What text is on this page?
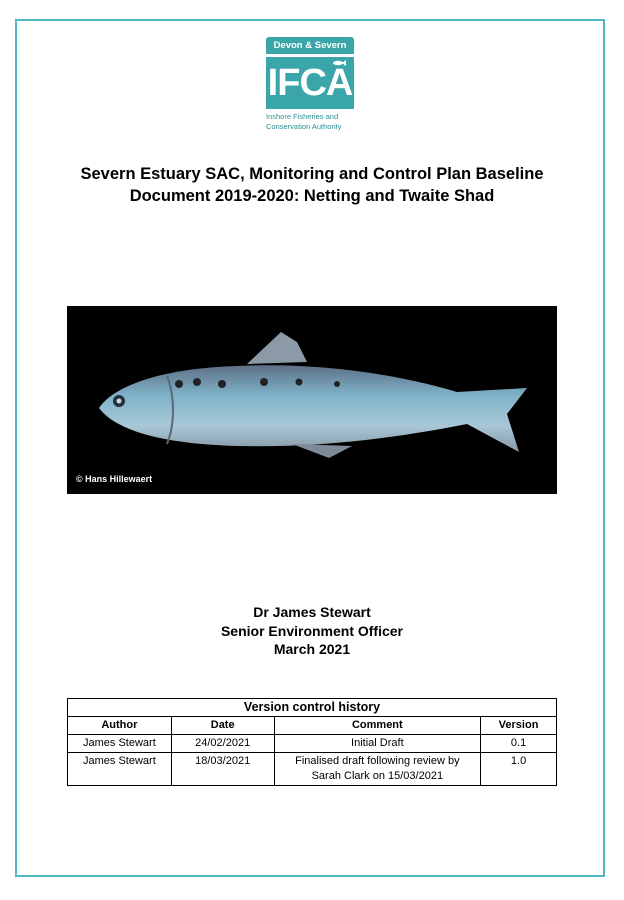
Devon & Severn
IFCA
Inshore Fisheries and
Conservation Authority
Severn Estuary SAC, Monitoring and Control Plan Baseline
Document 2019-2020: Netting and Twaite Shad
© Hans Hillewaert
Dr James Stewart
Senior Environment Officer
March 2021
Version control history			
Author	Date	Comment	Version
James Stewart	24/02/2021	Initial Draft	0.1
James Stewart	18/03/2021	Finalised draft following review by Sarah Clark on 15/03/2021	1.0
